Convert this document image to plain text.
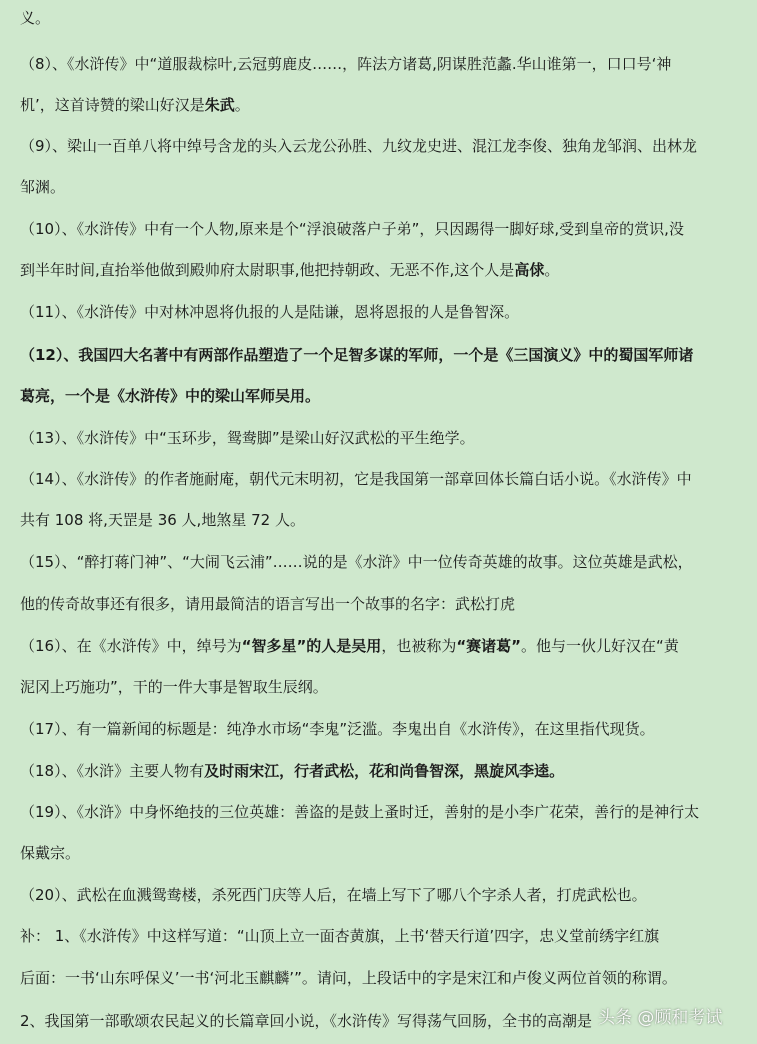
义。
（8）、《水浒传》中“道服裁棕叶,云冠剪鹿皮……，阵法方诸葛,阴谋胜范蠡.华山谁第一，口口号‘神
机’，这首诗赞的梁山好汉是朱武。
（9）、梁山一百单八将中绰号含龙的头入云龙公孙胜、九纹龙史进、混江龙李俊、独角龙邹润、出林龙
邹渊。
（10）、《水浒传》中有一个人物,原来是个“浮浪破落户子弟”，只因踢得一脚好球,受到皇帝的赏识,没
到半年时间,直抬举他做到殿帅府太尉职事,他把持朝政、无恶不作,这个人是高俅。
（11）、《水浒传》中对林冲恩将仇报的人是陆谦，恩将恩报的人是鲁智深。
（12）、我国四大名著中有两部作品塑造了一个足智多谋的军师，一个是《三国演义》中的蜀国军师诸
葛亮，一个是《水浒传》中的梁山军师吴用。
（13）、《水浒传》中“玉环步，鸳鸯脚”是梁山好汉武松的平生绝学。
（14）、《水浒传》的作者施耐庵，朝代元末明初，它是我国第一部章回体长篇白话小说。《水浒传》中
共有 108 将,天罡是 36 人,地煞星 72 人。
（15）、“醉打蒋门神”、“大闹飞云浦”……说的是《水浒》中一位传奇英雄的故事。这位英雄是武松，
他的传奇故事还有很多，请用最简洁的语言写出一个故事的名字：武松打虎
（16）、在《水浒传》中，绰号为“智多星”的人是吴用，也被称为“赛诸葛”。他与一伙儿好汉在“黄
泥冈上巧施功”，干的一件大事是智取生辰纲。
（17）、有一篇新闻的标题是：纯净水市场“李鬼”泛滥。李鬼出自《水浒传》，在这里指代现货。
（18）、《水浒》主要人物有及时雨宋江，行者武松，花和尚鲁智深，黑旋风李逵。
（19）、《水浒》中身怀绝技的三位英雄：善盗的是鼓上蚤时迁，善射的是小李广花荣，善行的是神行太
保戴宗。
（20）、武松在血溅鸳鸯楼，杀死西门庆等人后，在墙上写下了哪八个字杀人者，打虎武松也。
补： 1、《水浒传》中这样写道：“山顶上立一面杏黄旗，上书‘替天行道’四字，忠义堂前绣字红旗
后面：一书‘山东呼保义’一书‘河北玉麒麟’”。请问，上段话中的字是宋江和卢俊义两位首领的称谓。
2、我国第一部歌颂农民起义的长篇章回小说，《水浒传》写得荡气回肠，全书的高潮是 头条 @顾和考试
